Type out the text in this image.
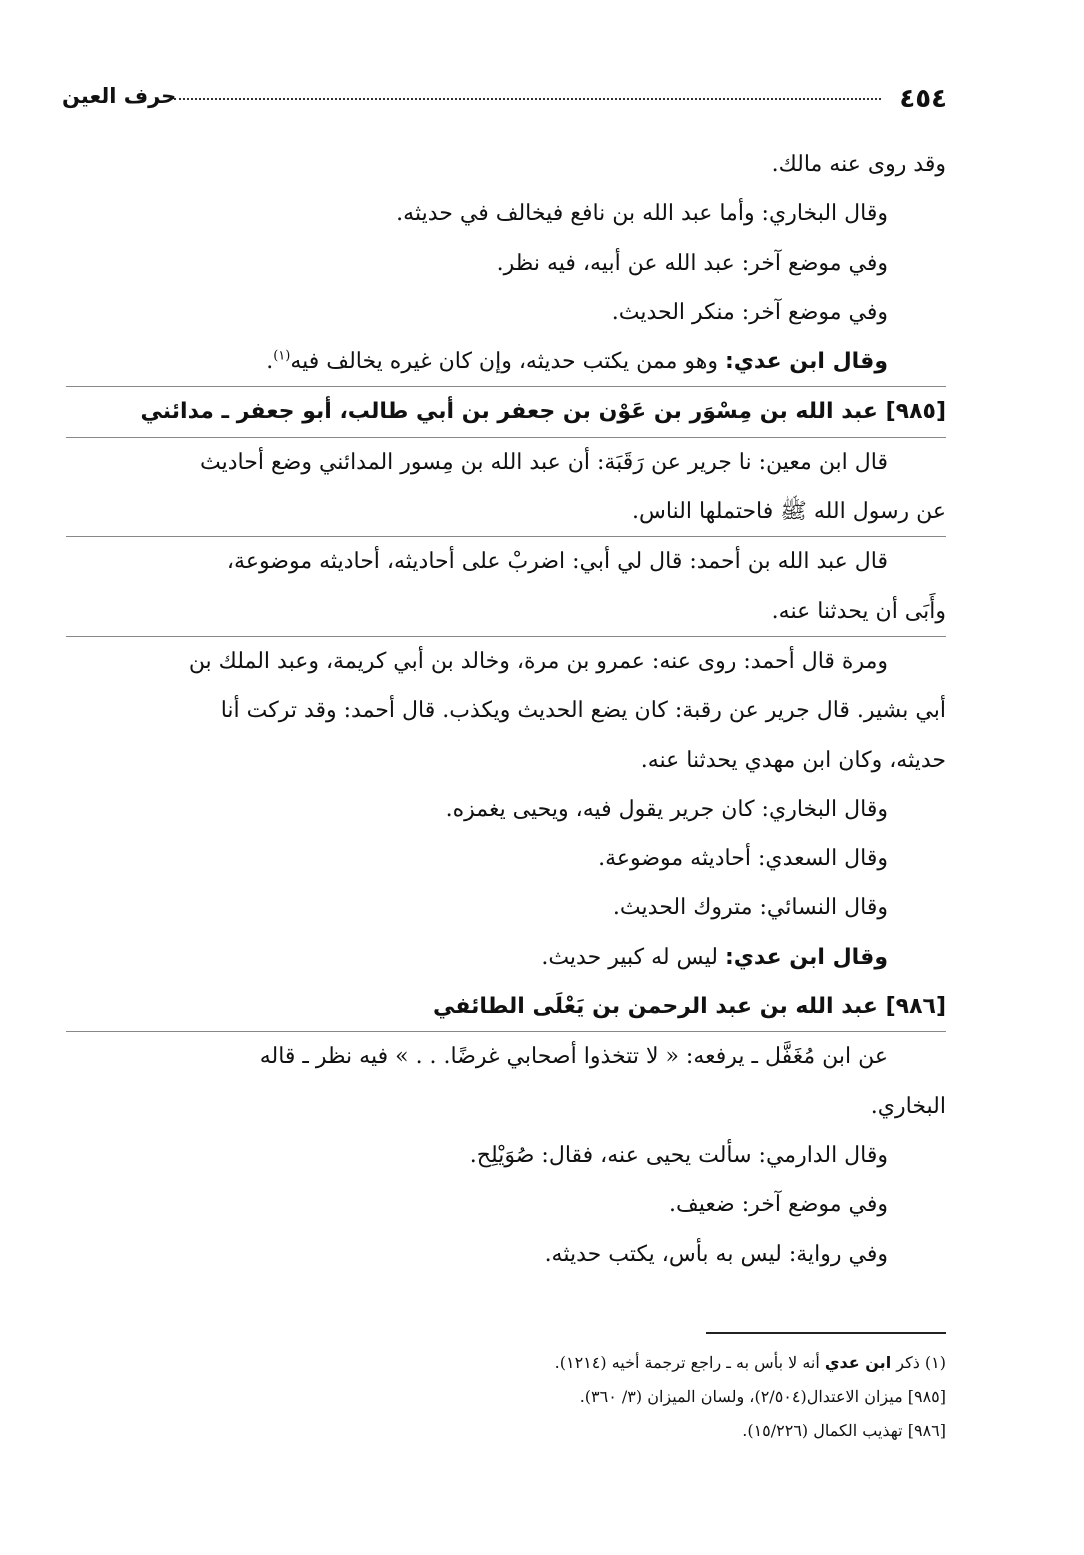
٤٥٤
حرف العين
وقد روى عنه مالك.
وقال البخاري: وأما عبد الله بن نافع فيخالف في حديثه.
وفي موضع آخر: عبد الله عن أبيه، فيه نظر.
وفي موضع آخر: منكر الحديث.
وقال ابن عدي: وهو ممن يكتب حديثه، وإن كان غيره يخالف فيه$^{(١)}$.
[٩٨٥] عبد الله بن مِسْوَر بن عَوْن بن جعفر بن أبي طالب، أبو جعفر ـ مدائني
قال ابن معين: نا جرير عن رَقَبَة: أن عبد الله بن مِسور المدائني وضع أحاديث
عن رسول الله ﷺ فاحتملها الناس.
قال عبد الله بن أحمد: قال لي أبي: اضربْ على أحاديثه، أحاديثه موضوعة،
وأَبَى أن يحدثنا عنه.
ومرة قال أحمد: روى عنه: عمرو بن مرة، وخالد بن أبي كريمة، وعبد الملك بن
أبي بشير. قال جرير عن رقبة: كان يضع الحديث ويكذب. قال أحمد: وقد تركت أنا
حديثه، وكان ابن مهدي يحدثنا عنه.
وقال البخاري: كان جرير يقول فيه، ويحيى يغمزه.
وقال السعدي: أحاديثه موضوعة.
وقال النسائي: متروك الحديث.
وقال ابن عدي: ليس له كبير حديث.
[٩٨٦] عبد الله بن عبد الرحمن بن يَعْلَى الطائفي
عن ابن مُغَفَّل ـ يرفعه: « لا تتخذوا أصحابي غرضًا. . . » فيه نظر ـ قاله
البخاري.
وقال الدارمي: سألت يحيى عنه، فقال: صُوَيْلِح.
وفي موضع آخر: ضعيف.
وفي رواية: ليس به بأس، يكتب حديثه.
(١) ذكر ابن عدي أنه لا بأس به ـ راجع ترجمة أخيه (١٢١٤).
[٩٨٥] ميزان الاعتدال(٢/٥٠٤)، ولسان الميزان (٣/ ٣٦٠).
[٩٨٦] تهذيب الكمال (١٥/٢٢٦).
